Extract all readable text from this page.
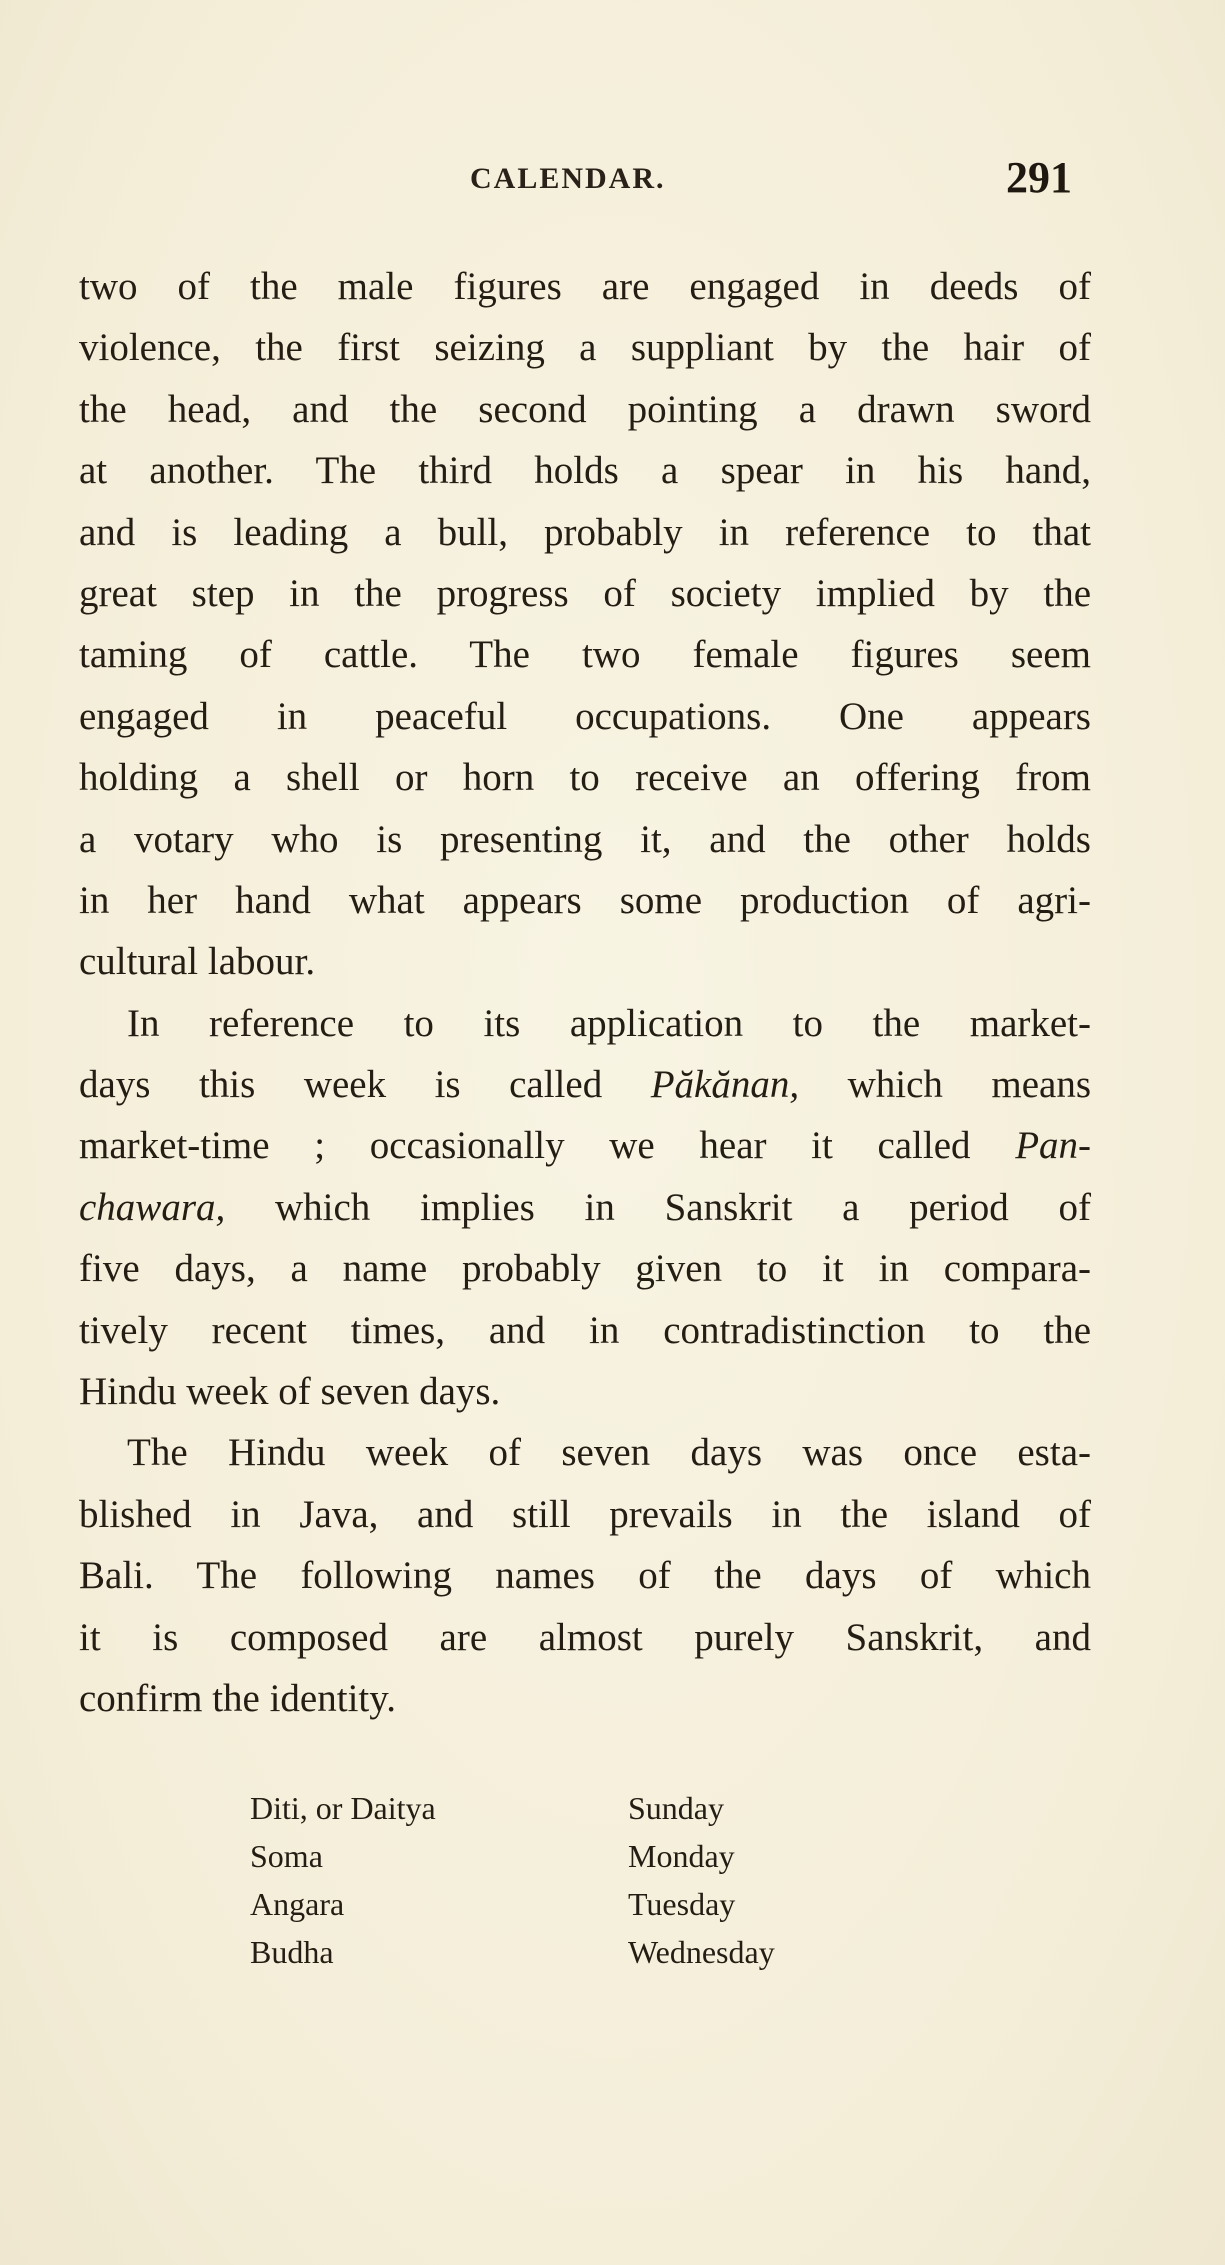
CALENDAR.	291
two of the male figures are engaged in deeds of
violence, the first seizing a suppliant by the hair of
the head, and the second pointing a drawn sword
at another. The third holds a spear in his hand,
and is leading a bull, probably in reference to that
great step in the progress of society implied by the
taming of cattle. The two female figures seem
engaged in peaceful occupations. One appears
holding a shell or horn to receive an offering from
a votary who is presenting it, and the other holds
in her hand what appears some production of agri-
cultural labour.
In reference to its application to the market-
days this week is called Păkănan, which means
market-time ; occasionally we hear it called Pan-
chawara, which implies in Sanskrit a period of
five days, a name probably given to it in compara-
tively recent times, and in contradistinction to the
Hindu week of seven days.
The Hindu week of seven days was once esta-
blished in Java, and still prevails in the island of
Bali. The following names of the days of which
it is composed are almost purely Sanskrit, and
confirm the identity.
Diti, or Daitya	Sunday
Soma	Monday
Angara	Tuesday
Budha	Wednesday
